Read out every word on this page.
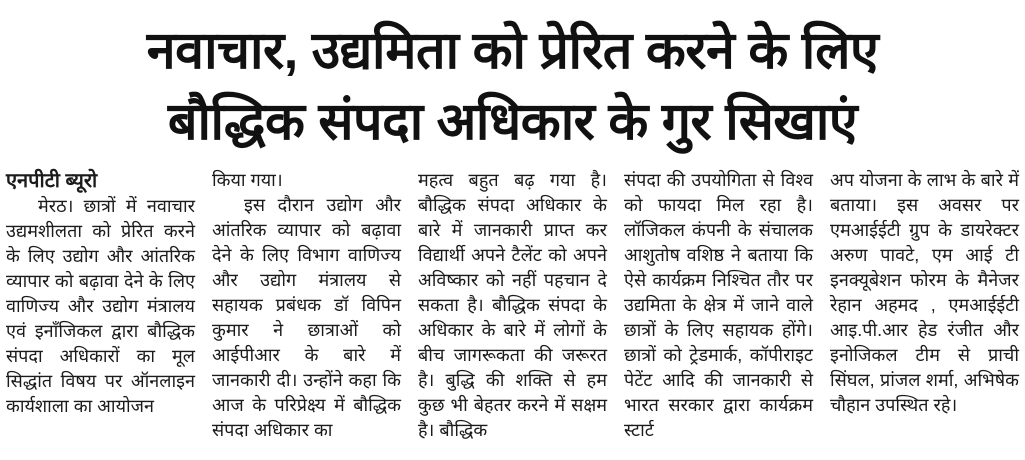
नवाचार, उद्यमिता को प्रेरित करने के लिए
बौद्धिक संपदा अधिकार के गुर सिखाएं
एनपीटी ब्यूरो

मेरठ। छात्रों में नवाचार उद्यमशीलता को प्रेरित करने के लिए उद्योग और आंतरिक व्यापार को बढ़ावा देने के लिए वाणिज्य और उद्योग मंत्रालय एवं इनाँजिकल द्वारा बौद्धिक संपदा अधिकारों का मूल सिद्धांत विषय पर ऑनलाइन कार्यशाला का आयोजन

किया गया।

इस दौरान उद्योग और आंतरिक व्यापार को बढ़ावा देने के लिए विभाग वाणिज्य और उद्योग मंत्रालय से सहायक प्रबंधक डॉ विपिन कुमार ने छात्राओं को आईपीआर के बारे में जानकारी दी। उन्होंने कहा कि आज के परिप्रेक्ष्य में बौद्धिक संपदा अधिकार का

महत्व बहुत बढ़ गया है। बौद्धिक संपदा अधिकार के बारे में जानकारी प्राप्त कर विद्यार्थी अपने टैलेंट को अपने अविष्कार को नहीं पहचान दे सकता है। बौद्धिक संपदा के अधिकार के बारे में लोगों के बीच जागरूकता की जरूरत है। बुद्धि की शक्ति से हम कुछ भी बेहतर करने में सक्षम है। बौद्धिक

संपदा की उपयोगिता से विश्व को फायदा मिल रहा है। लॉजिकल कंपनी के संचालक आशुतोष वशिष्ठ ने बताया कि ऐसे कार्यक्रम निश्चित तौर पर उद्यमिता के क्षेत्र में जाने वाले छात्रों के लिए सहायक होंगे। छात्रों को ट्रेडमार्क, कॉपीराइट पेटेंट आदि की जानकारी से भारत सरकार द्वारा कार्यक्रम स्टार्ट

अप योजना के लाभ के बारे में बताया। इस अवसर पर एमआईईटी ग्रुप के डायरेक्टर अरुण पावटे, एम आई टी इनक्यूबेशन फोरम के मैनेजर रेहान अहमद , एमआईईटी आइ.पी.आर हेड रंजीत और इनोजिकल टीम से प्राची सिंघल, प्रांजल शर्मा, अभिषेक चौहान उपस्थित रहे।
